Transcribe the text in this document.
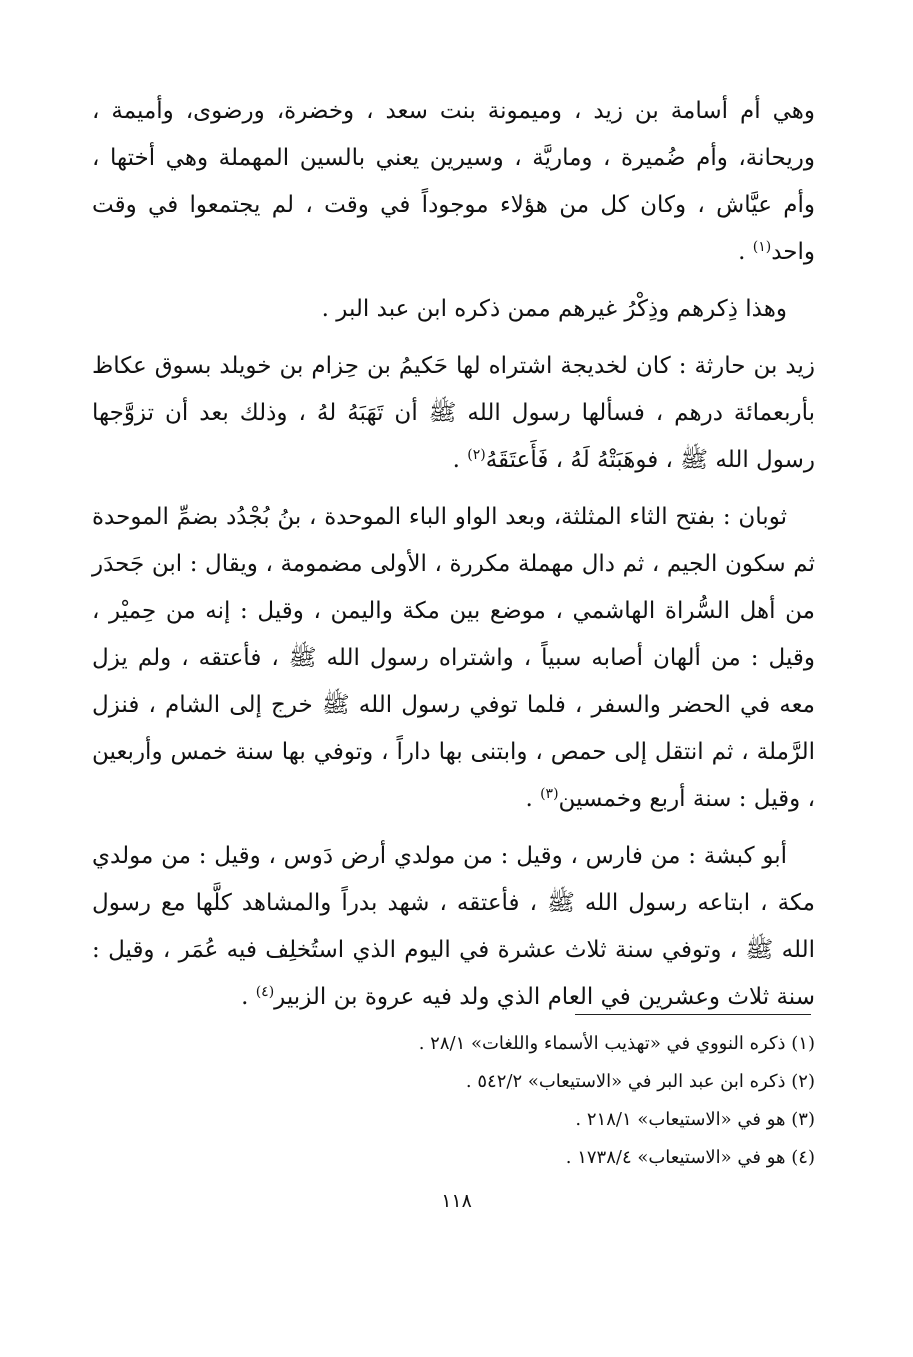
وهي أم أسامة بن زيد ، وميمونة بنت سعد ، وخضرة، ورضوى، وأميمة ، وريحانة، وأم ضُميرة ، وماريَّة ، وسيرين يعني بالسين المهملة وهي أختها ، وأم عيَّاش ، وكان كل من هؤلاء موجوداً في وقت ، لم يجتمعوا في وقت واحد$^{(١)}$ .

وهذا ذِكرهم وذِكْرُ غيرهم ممن ذكره ابن عبد البر .

زيد بن حارثة : كان لخديجة اشتراه لها حَكيمُ بن حِزام بن خويلد بسوق عكاظ بأربعمائة درهم ، فسألها رسول الله ﷺ أن تَهَبَهُ لهُ ، وذلك بعد أن تزوَّجها رسول الله ﷺ ، فوهَبَتْهُ لَهُ ، فَأَعتَقَهُ$^{(٢)}$ .

ثوبان : بفتح الثاء المثلثة، وبعد الواو الباء الموحدة ، بنُ بُجْدُد بضمِّ الموحدة ثم سكون الجيم ، ثم دال مهملة مكررة ، الأولى مضمومة ، ويقال : ابن جَحدَر من أهل السُّراة الهاشمي ، موضع بين مكة واليمن ، وقيل : إنه من حِميْر ، وقيل : من ألهان أصابه سبياً ، واشتراه رسول الله ﷺ ، فأعتقه ، ولم يزل معه في الحضر والسفر ، فلما توفي رسول الله ﷺ خرج إلى الشام ، فنزل الرَّملة ، ثم انتقل إلى حمص ، وابتنى بها داراً ، وتوفي بها سنة خمس وأربعين ، وقيل : سنة أربع وخمسين$^{(٣)}$ .

أبو كبشة : من فارس ، وقيل : من مولدي أرض دَوس ، وقيل : من مولدي مكة ، ابتاعه رسول الله ﷺ ، فأعتقه ، شهد بدراً والمشاهد كلَّها مع رسول الله ﷺ ، وتوفي سنة ثلاث عشرة في اليوم الذي استُخلِف فيه عُمَر ، وقيل : سنة ثلاث وعشرين في العام الذي ولد فيه عروة بن الزبير$^{(٤)}$ .

(١) ذكره النووي في «تهذيب الأسماء واللغات» ٢٨/١ .

(٢) ذكره ابن عبد البر في «الاستيعاب» ٥٤٢/٢ .

(٣) هو في «الاستيعاب» ٢١٨/١ .

(٤) هو في «الاستيعاب» ١٧٣٨/٤ .

١١٨
